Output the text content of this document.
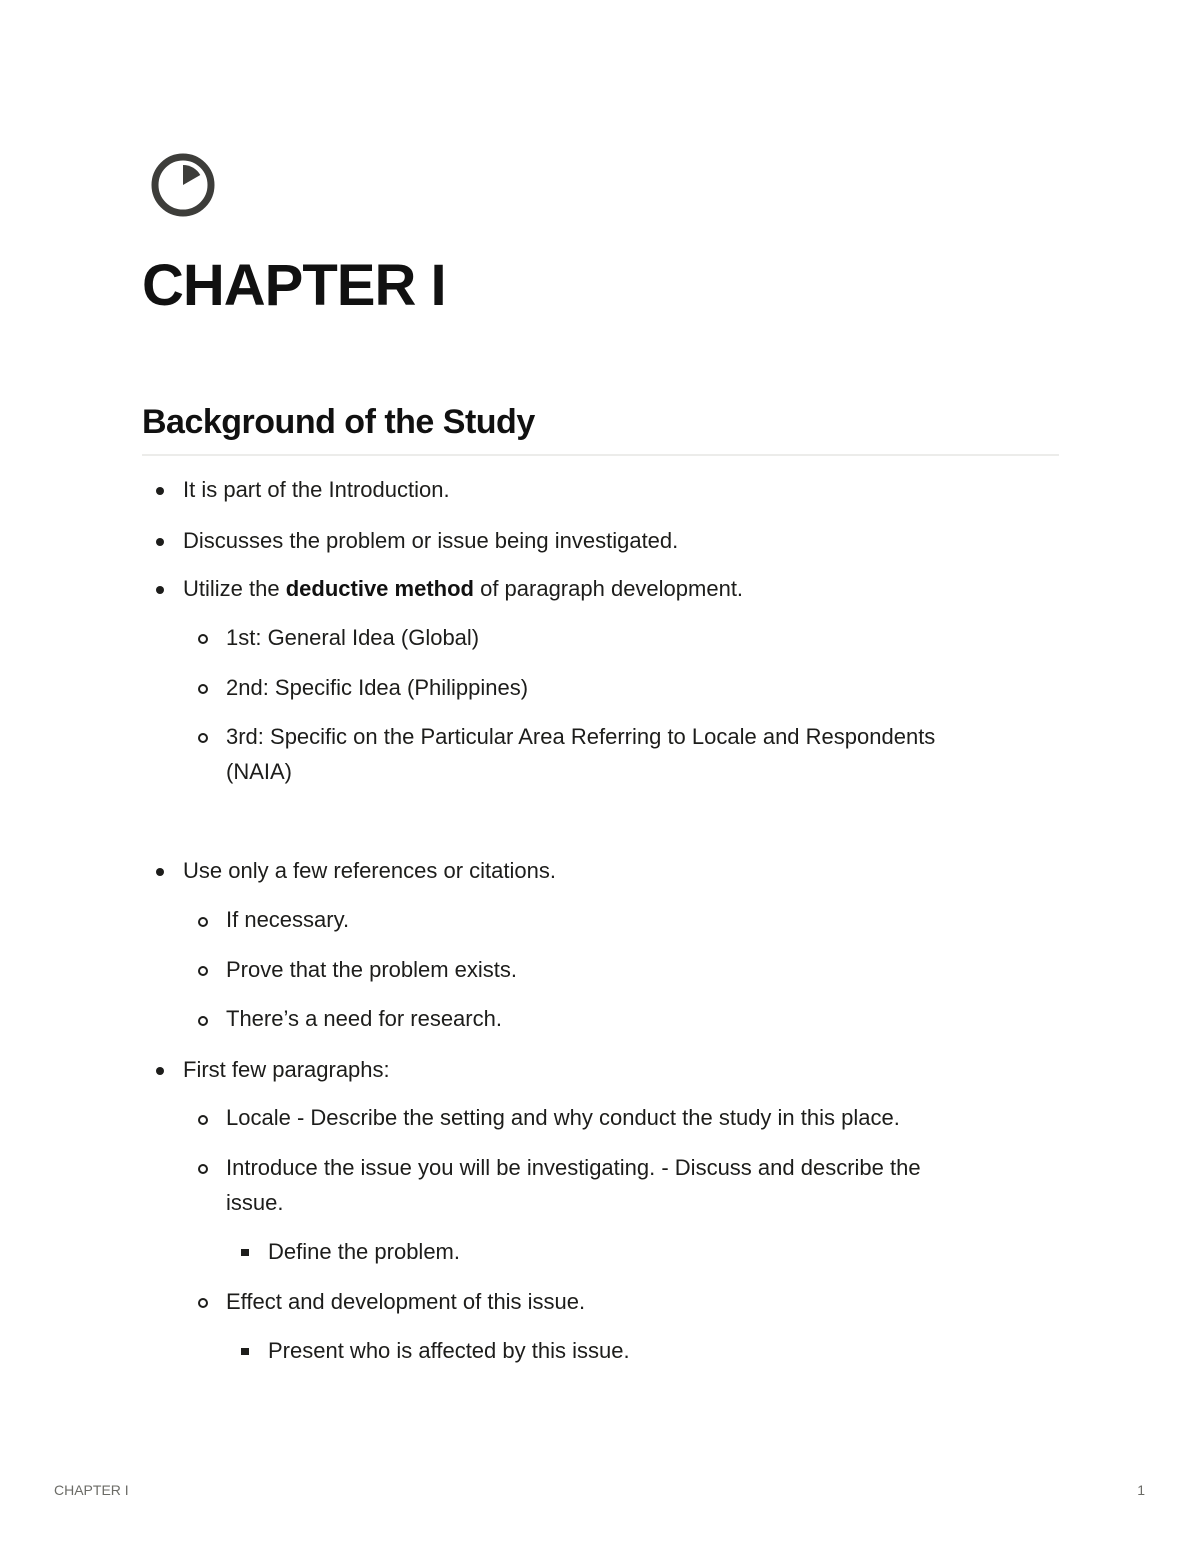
CHAPTER I
Background of the Study
It is part of the Introduction.
Discusses the problem or issue being investigated.
Utilize the deductive method of paragraph development.
1st: General Idea (Global)
2nd: Specific Idea (Philippines)
3rd: Specific on the Particular Area Referring to Locale and Respondents
(NAIA)
Use only a few references or citations.
If necessary.
Prove that the problem exists.
There’s a need for research.
First few paragraphs:
Locale - Describe the setting and why conduct the study in this place.
Introduce the issue you will be investigating. - Discuss and describe the
issue.
Define the problem.
Effect and development of this issue.
Present who is affected by this issue.
CHAPTER I	1
